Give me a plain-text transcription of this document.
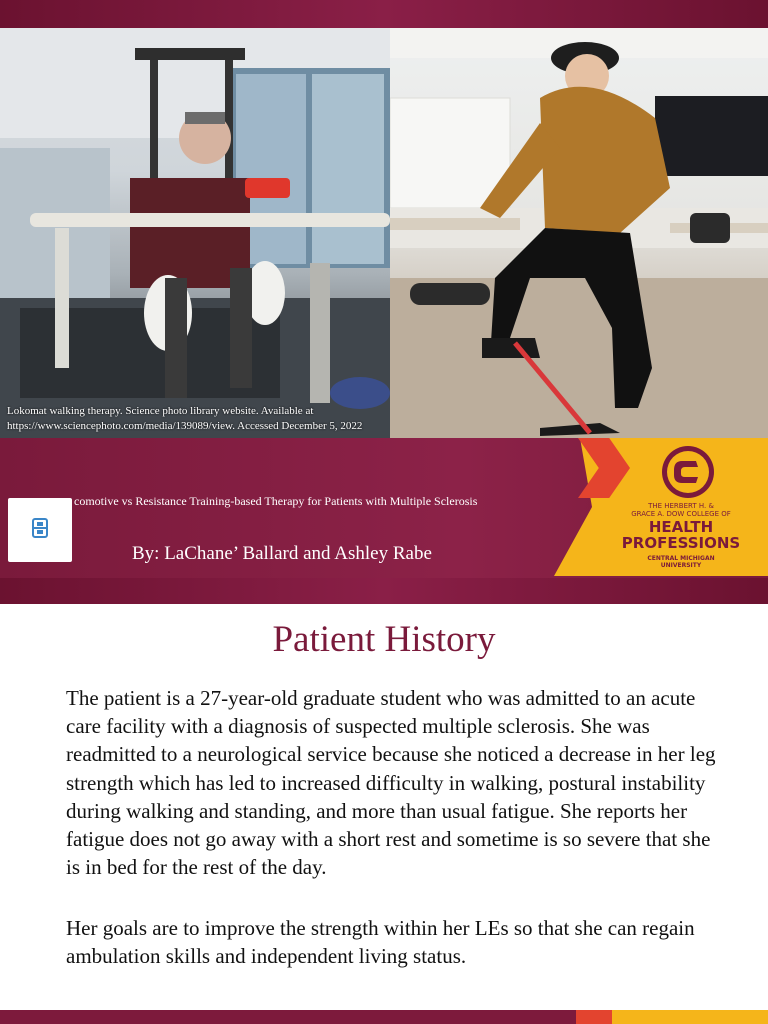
Lokomat walking therapy. Science photo library website. Available at https://www.sciencephoto.com/media/139089/view. Accessed December 5, 2022
comotive vs Resistance Training-based Therapy for Patients with Multiple Sclerosis
By: LaChane’ Ballard and Ashley Rabe
THE HERBERT H. &
GRACE A. DOW COLLEGE OF
HEALTH
PROFESSIONS
CENTRAL MICHIGAN
UNIVERSITY
Patient History

The patient is a 27-year-old graduate student who was admitted to an acute care facility with a diagnosis of suspected multiple sclerosis. She was readmitted to a neurological service because she noticed a decrease in her leg strength which has led to increased difficulty in walking, postural instability during walking and standing, and more than usual fatigue. She reports her fatigue does not go away with a short rest and sometime is so severe that she is in bed for the rest of the day.

Her goals are to improve the strength within her LEs so that she can regain ambulation skills and independent living status.
